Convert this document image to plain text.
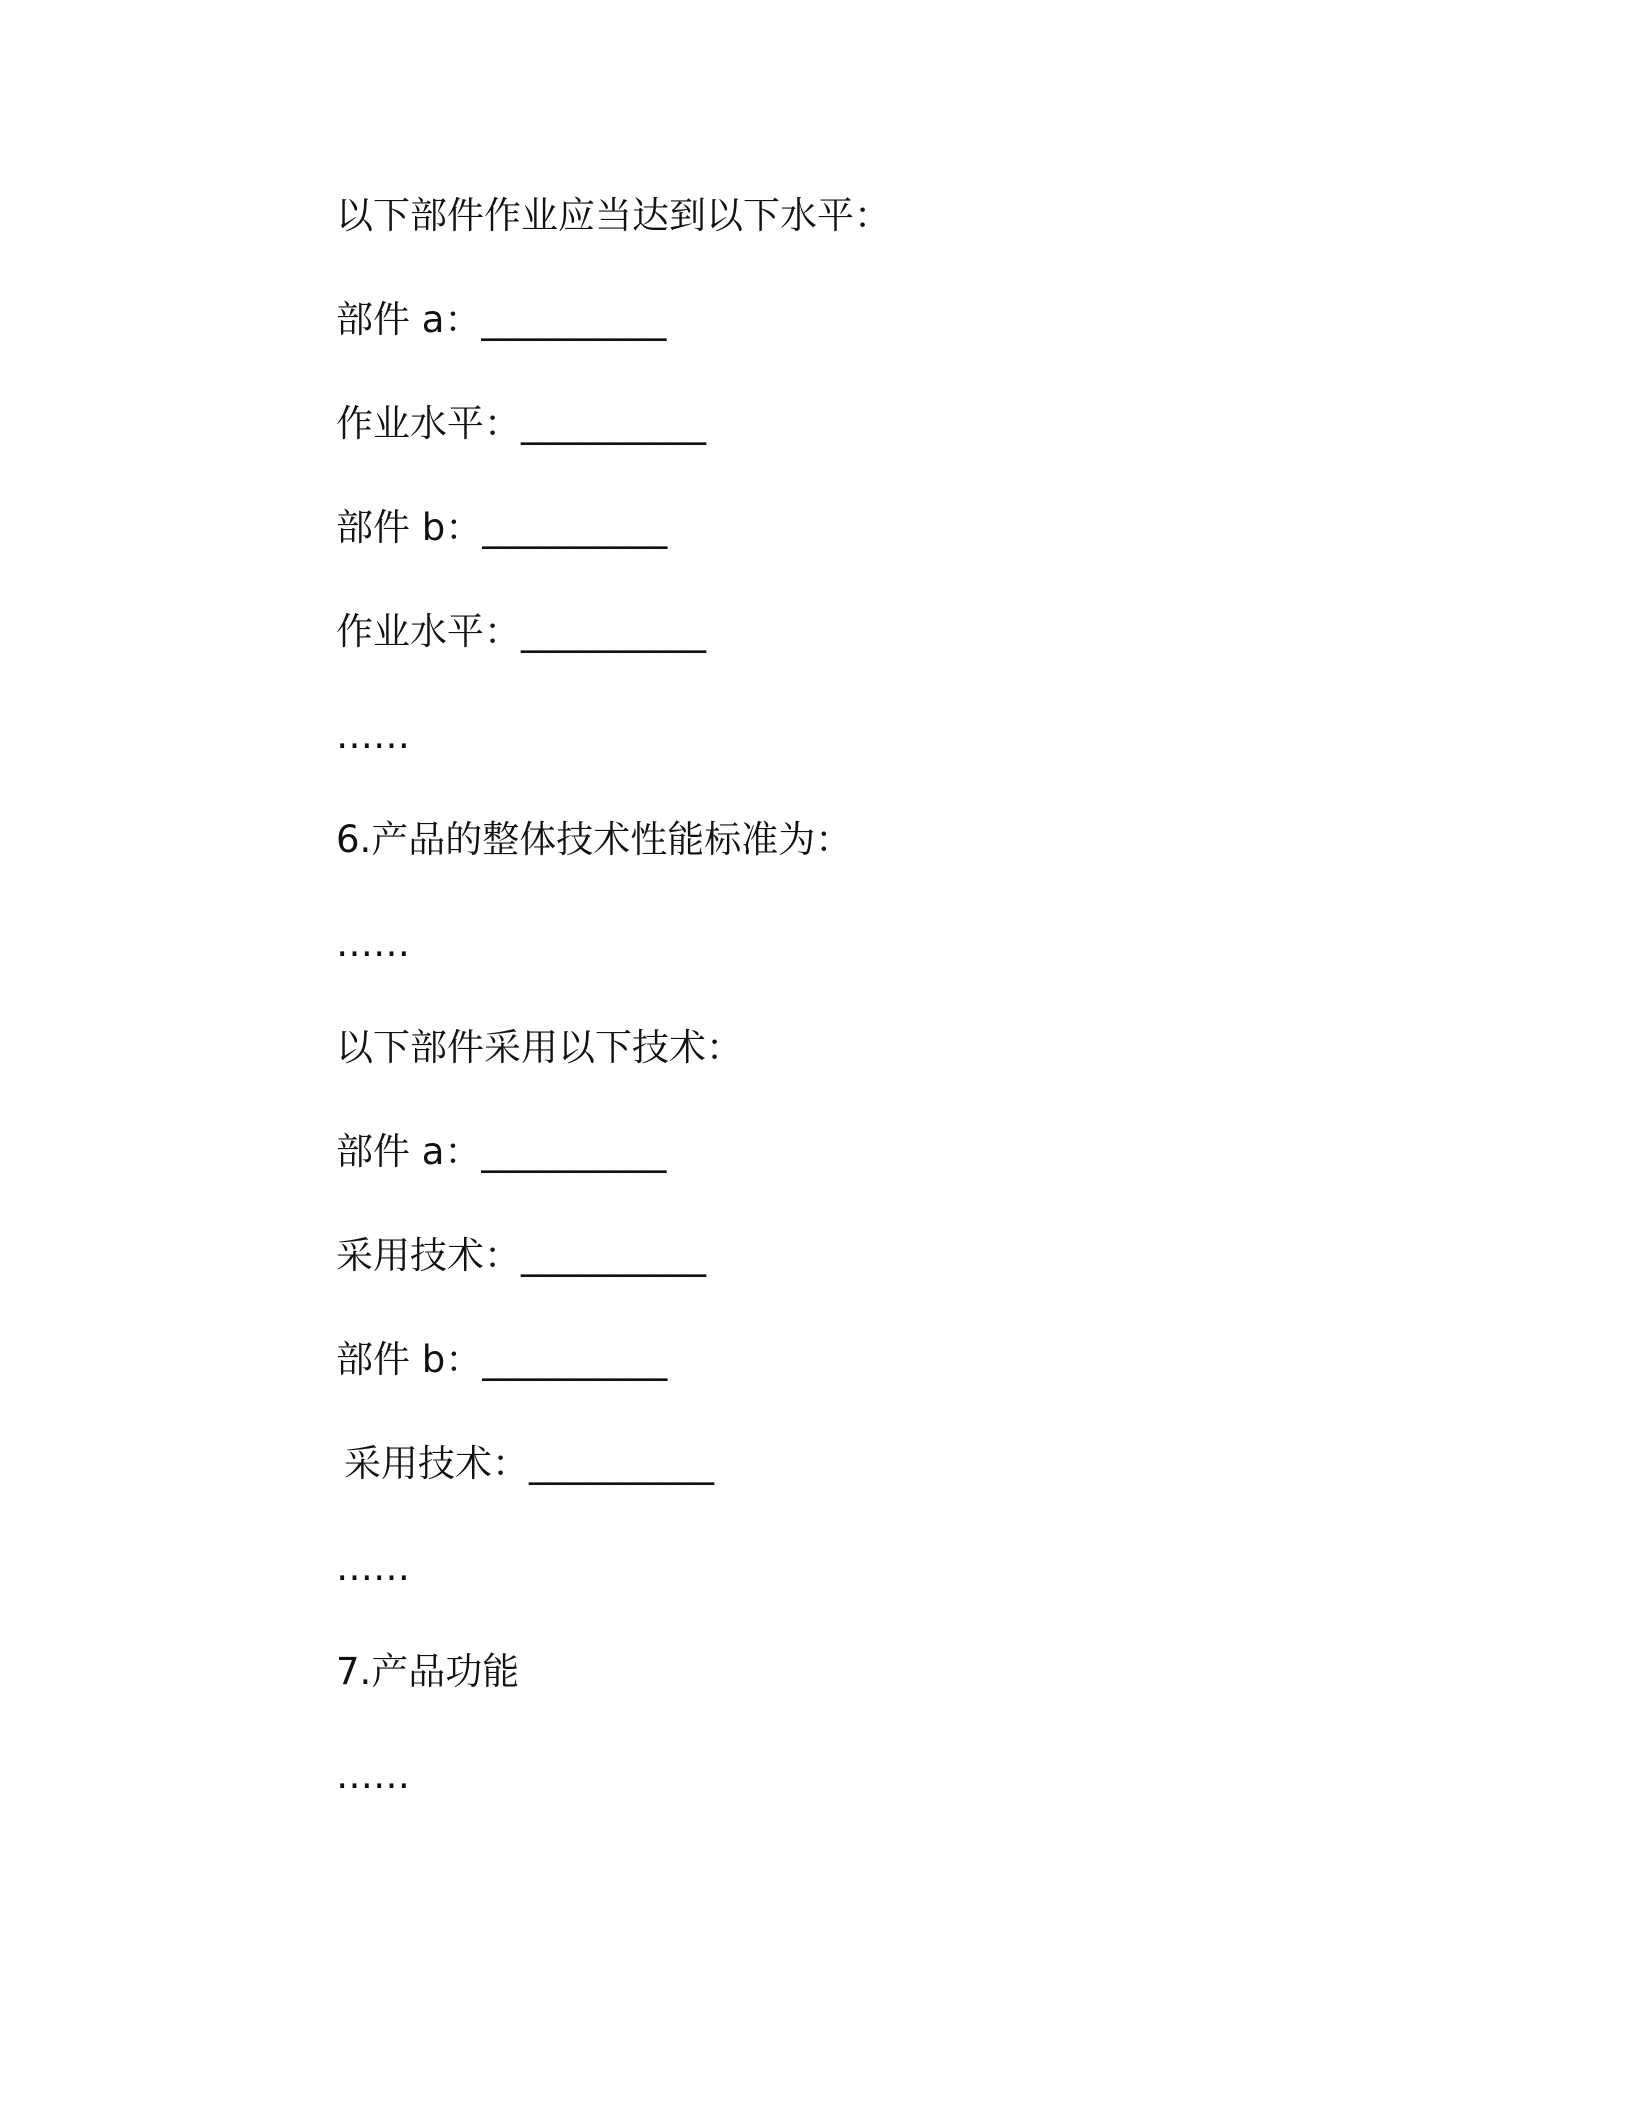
以下部件作业应当达到以下水平：
部件 a：__________
作业水平：__________
部件 b：__________
作业水平：__________
……
6.产品的整体技术性能标准为：
……
以下部件采用以下技术：
部件 a：__________
采用技术：__________
部件 b：__________
采用技术：__________
……
7.产品功能
……
